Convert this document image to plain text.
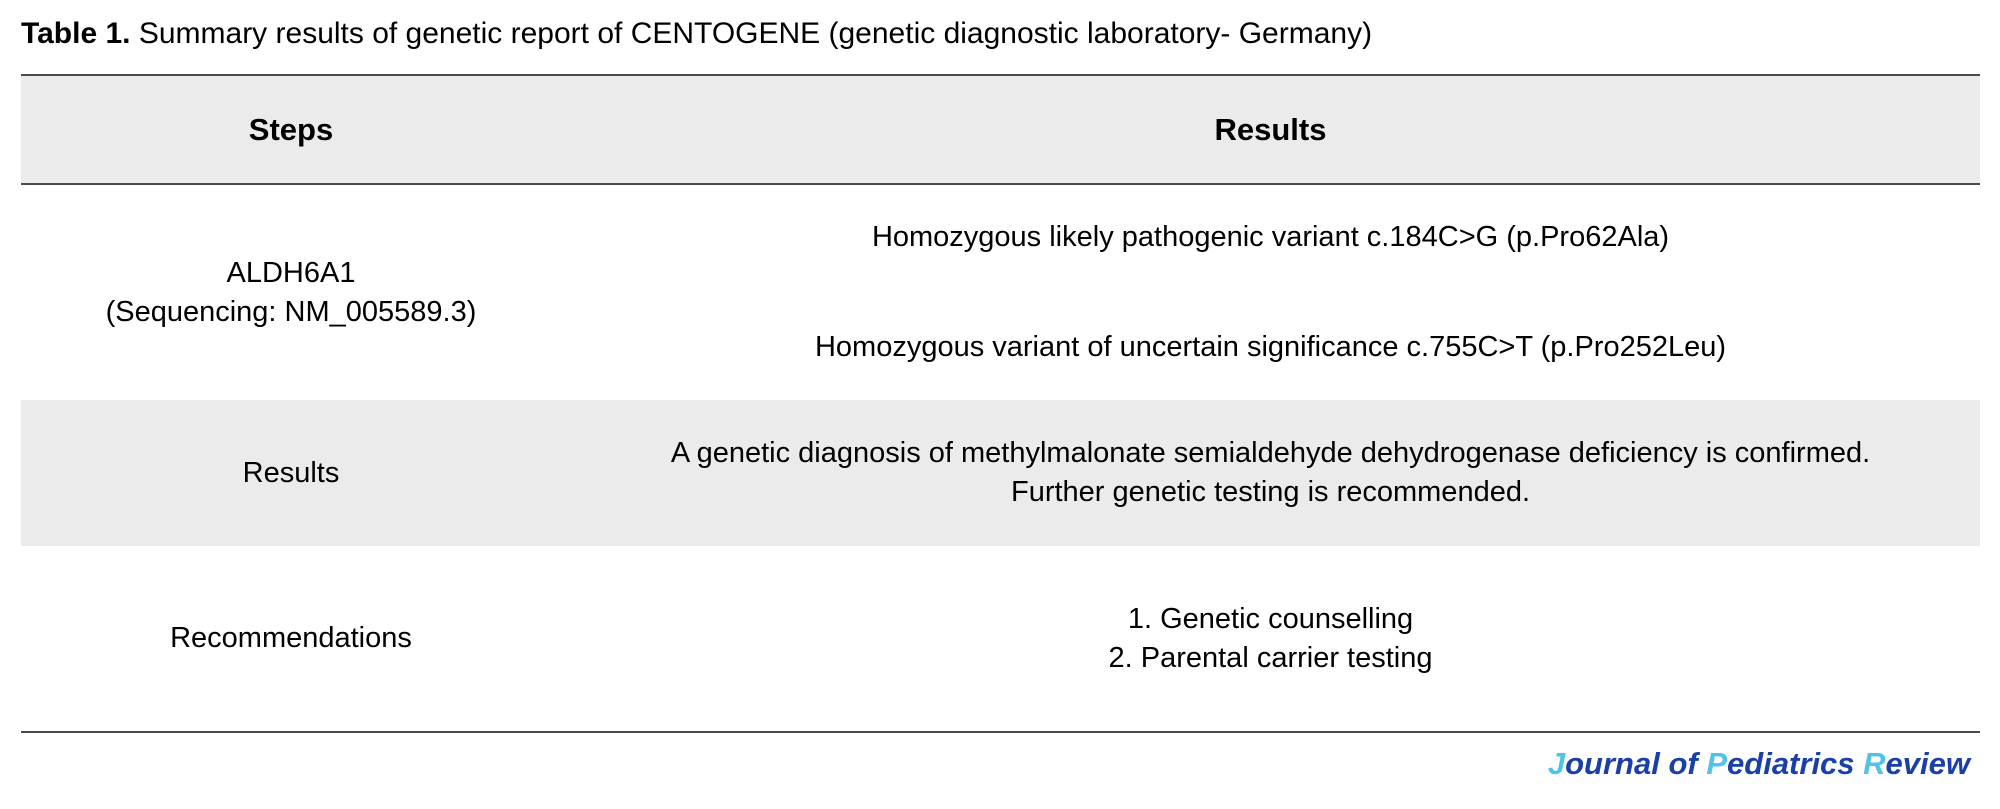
Table 1. Summary results of genetic report of CENTOGENE (genetic diagnostic laboratory- Germany)
Steps	Results
ALDH6A1
(Sequencing: NM_005589.3)
Homozygous likely pathogenic variant c.184C>G (p.Pro62Ala)
Homozygous variant of uncertain significance c.755C>T (p.Pro252Leu)
Results
A genetic diagnosis of methylmalonate semialdehyde dehydrogenase deficiency is confirmed.
Further genetic testing is recommended.
Recommendations
1. Genetic counselling
2. Parental carrier testing
Journal of Pediatrics Review
